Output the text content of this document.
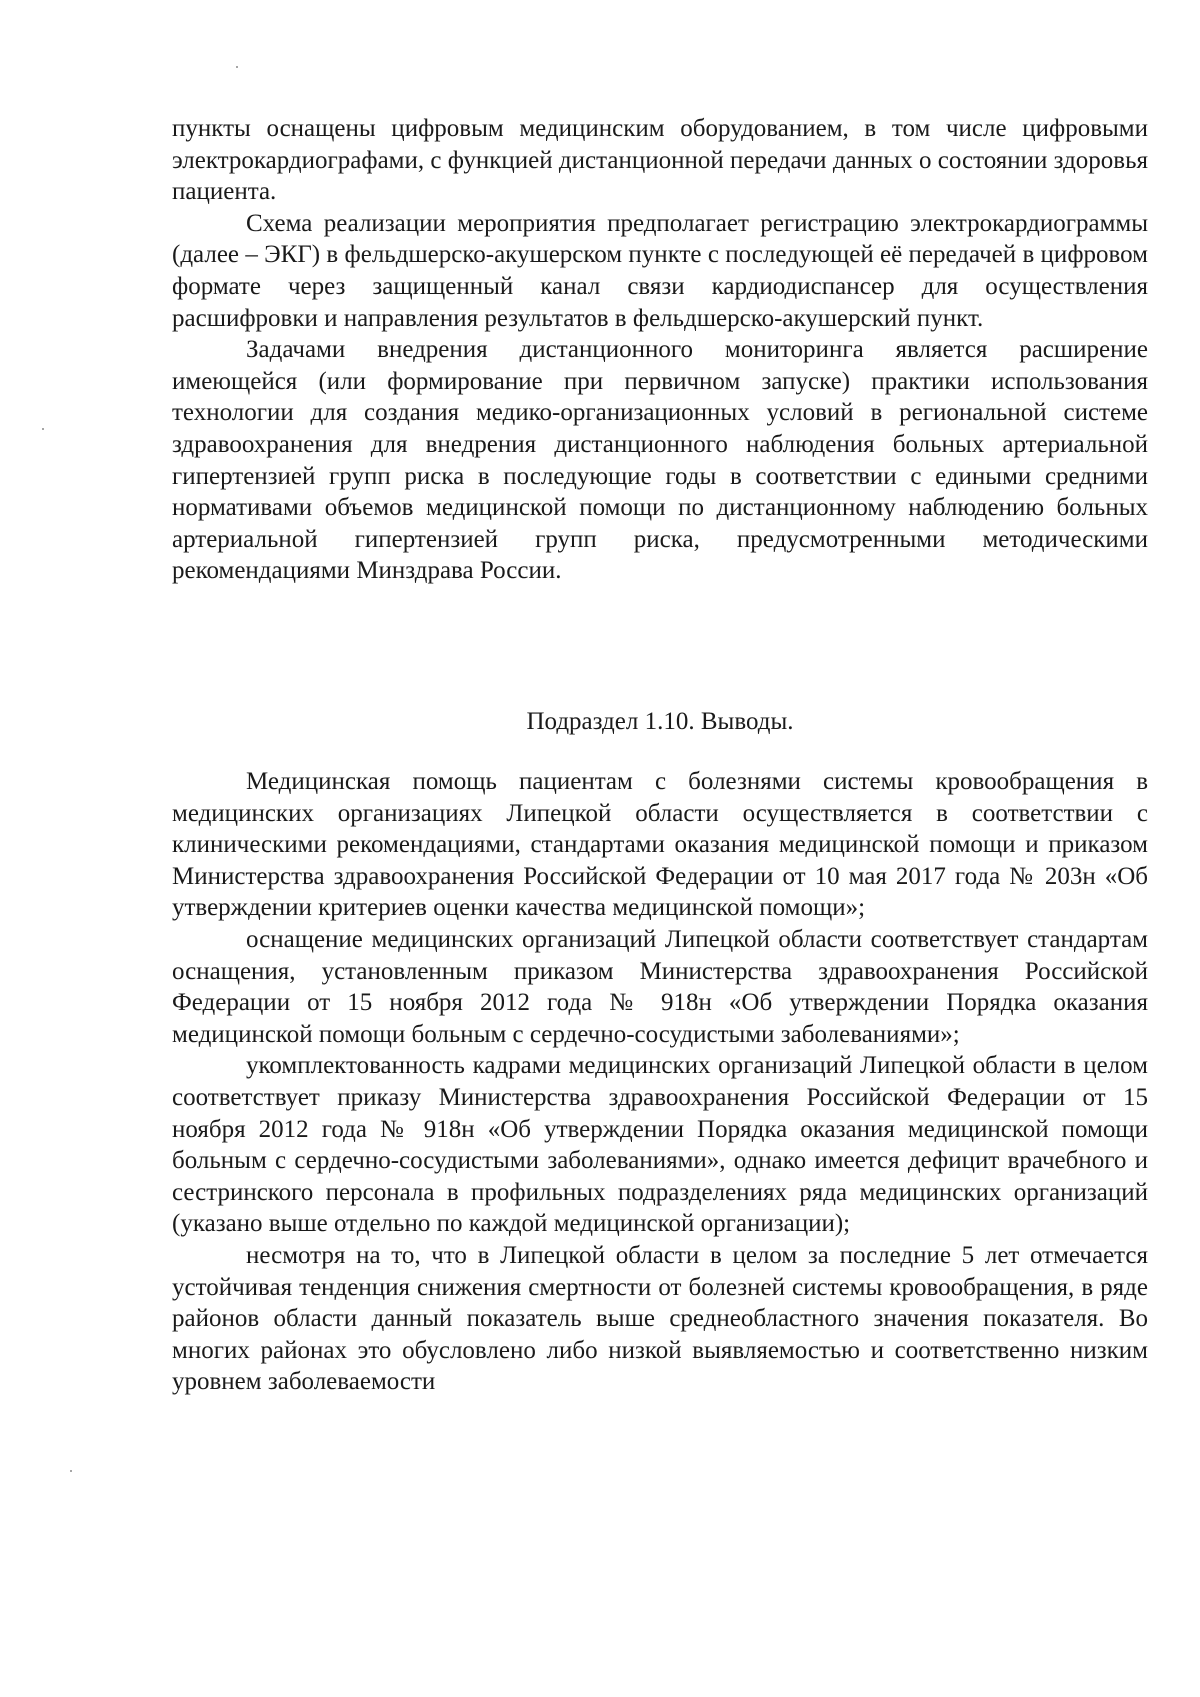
пункты оснащены цифровым медицинским оборудованием, в том числе цифровыми электрокардиографами, с функцией дистанционной передачи данных о состоянии здоровья пациента.

Схема реализации мероприятия предполагает регистрацию электрокардиограммы (далее – ЭКГ) в фельдшерско-акушерском пункте с последующей её передачей в цифровом формате через защищенный канал связи кардиодиспансер для осуществления расшифровки и направления результатов в фельдшерско-акушерский пункт.

Задачами внедрения дистанционного мониторинга является расширение имеющейся (или формирование при первичном запуске) практики использования технологии для создания медико-организационных условий в региональной системе здравоохранения для внедрения дистанционного наблюдения больных артериальной гипертензией групп риска в последующие годы в соответствии с едиными средними нормативами объемов медицинской помощи по дистанционному наблюдению больных артериальной гипертензией групп риска, предусмотренными методическими рекомендациями Минздрава России.

Подраздел 1.10. Выводы.

Медицинская помощь пациентам с болезнями системы кровообращения в медицинских организациях Липецкой области осуществляется в соответствии с клиническими рекомендациями, стандартами оказания медицинской помощи и приказом Министерства здравоохранения Российской Федерации от 10 мая 2017 года № 203н «Об утверждении критериев оценки качества медицинской помощи»;

оснащение медицинских организаций Липецкой области соответствует стандартам оснащения, установленным приказом Министерства здравоохранения Российской Федерации от 15 ноября 2012 года № 918н «Об утверждении Порядка оказания медицинской помощи больным с сердечно-сосудистыми заболеваниями»;

укомплектованность кадрами медицинских организаций Липецкой области в целом соответствует приказу Министерства здравоохранения Российской Федерации от 15 ноября 2012 года № 918н «Об утверждении Порядка оказания медицинской помощи больным с сердечно-сосудистыми заболеваниями», однако имеется дефицит врачебного и сестринского персонала в профильных подразделениях ряда медицинских организаций (указано выше отдельно по каждой медицинской организации);

несмотря на то, что в Липецкой области в целом за последние 5 лет отмечается устойчивая тенденция снижения смертности от болезней системы кровообращения, в ряде районов области данный показатель выше среднеобластного значения показателя. Во многих районах это обусловлено либо низкой выявляемостью и соответственно низким уровнем заболеваемости
